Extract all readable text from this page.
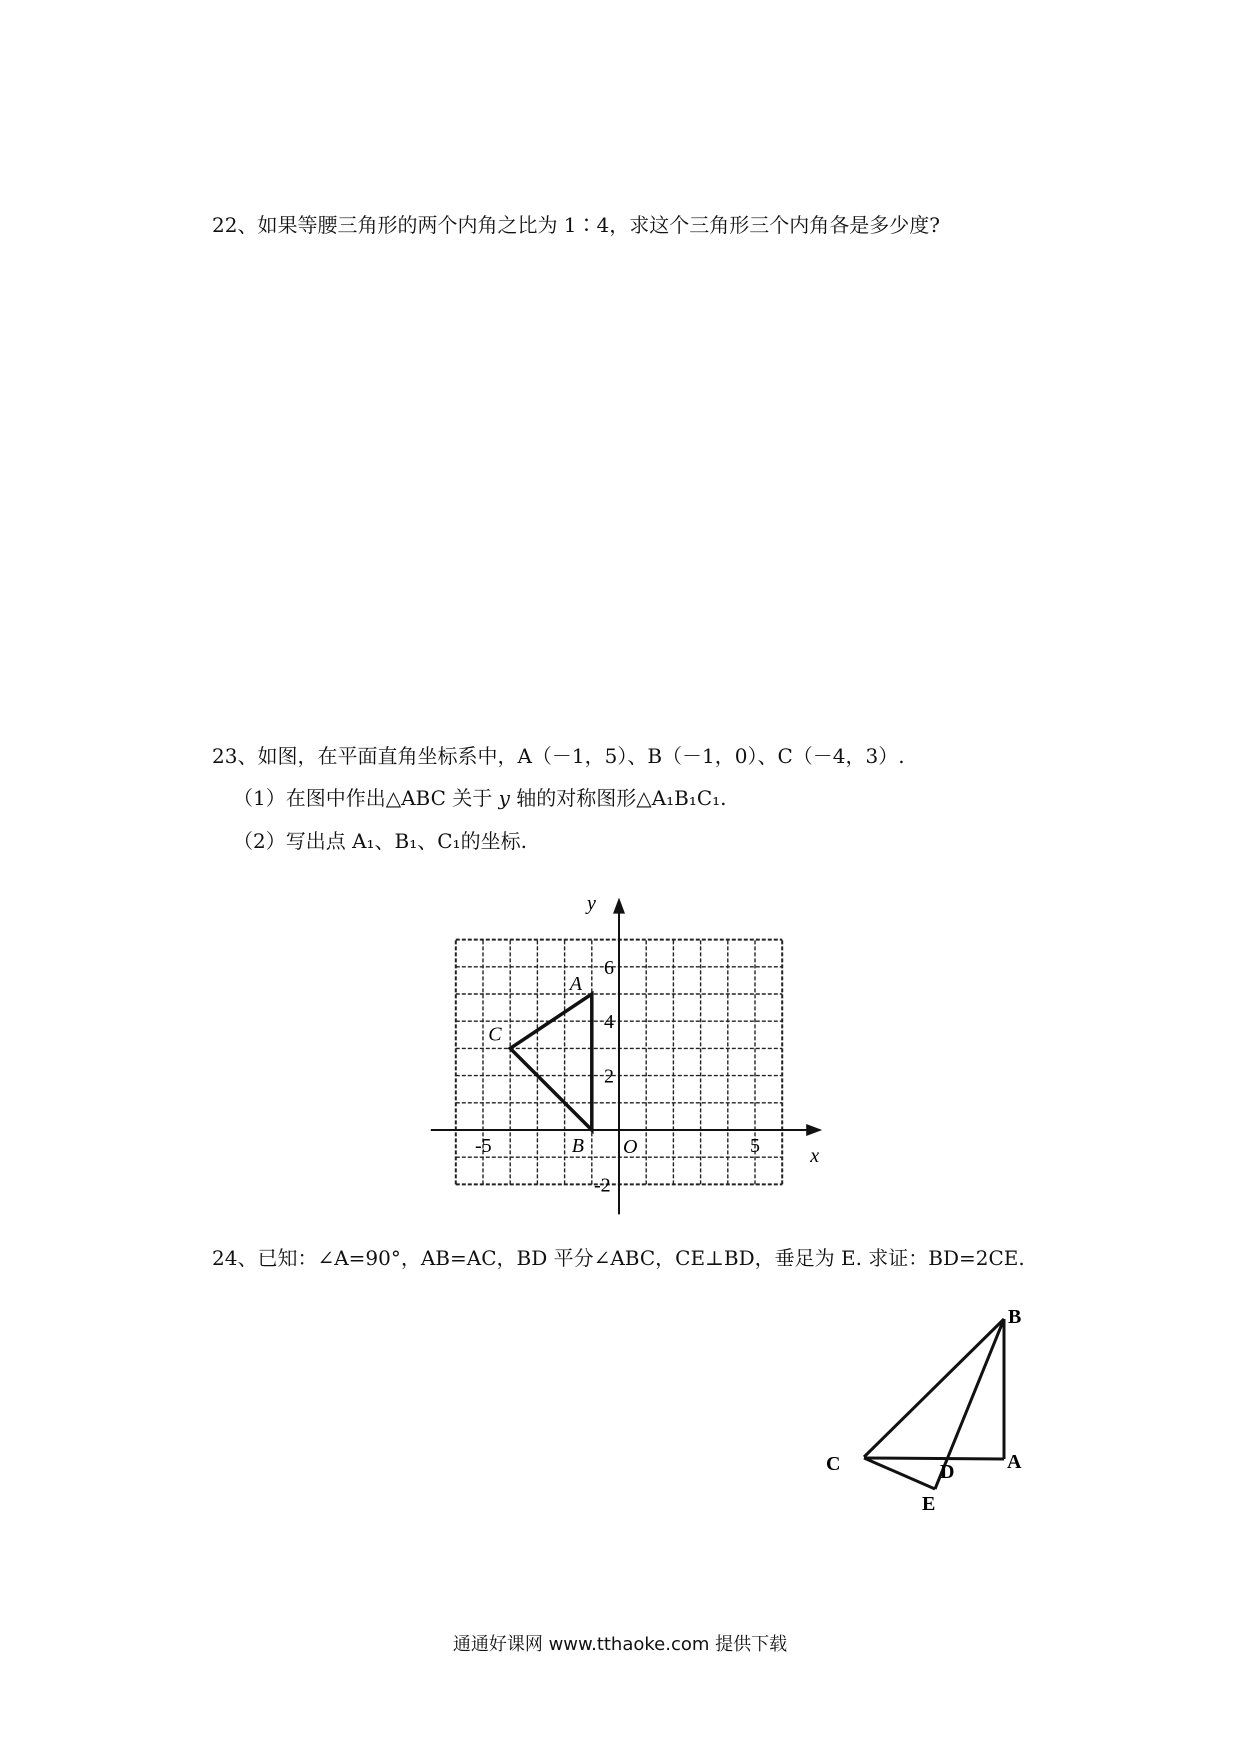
22、如果等腰三角形的两个内角之比为 1∶4，求这个三角形三个内角各是多少度?
23、如图，在平面直角坐标系中，A（－1，5）、B（－1，0）、C（－4，3）.
（1）在图中作出△ABC 关于 y 轴的对称图形△A₁B₁C₁.
（2）写出点 A₁、B₁、C₁的坐标.
x
y
O
-5	5
6
4
2
-2
A
B
C
B
C	A
D
E
24、已知：∠A=90°，AB=AC，BD 平分∠ABC，CE⊥BD，垂足为 E. 求证：BD=2CE.
通通好课网 www.tthaoke.com 提供下载
